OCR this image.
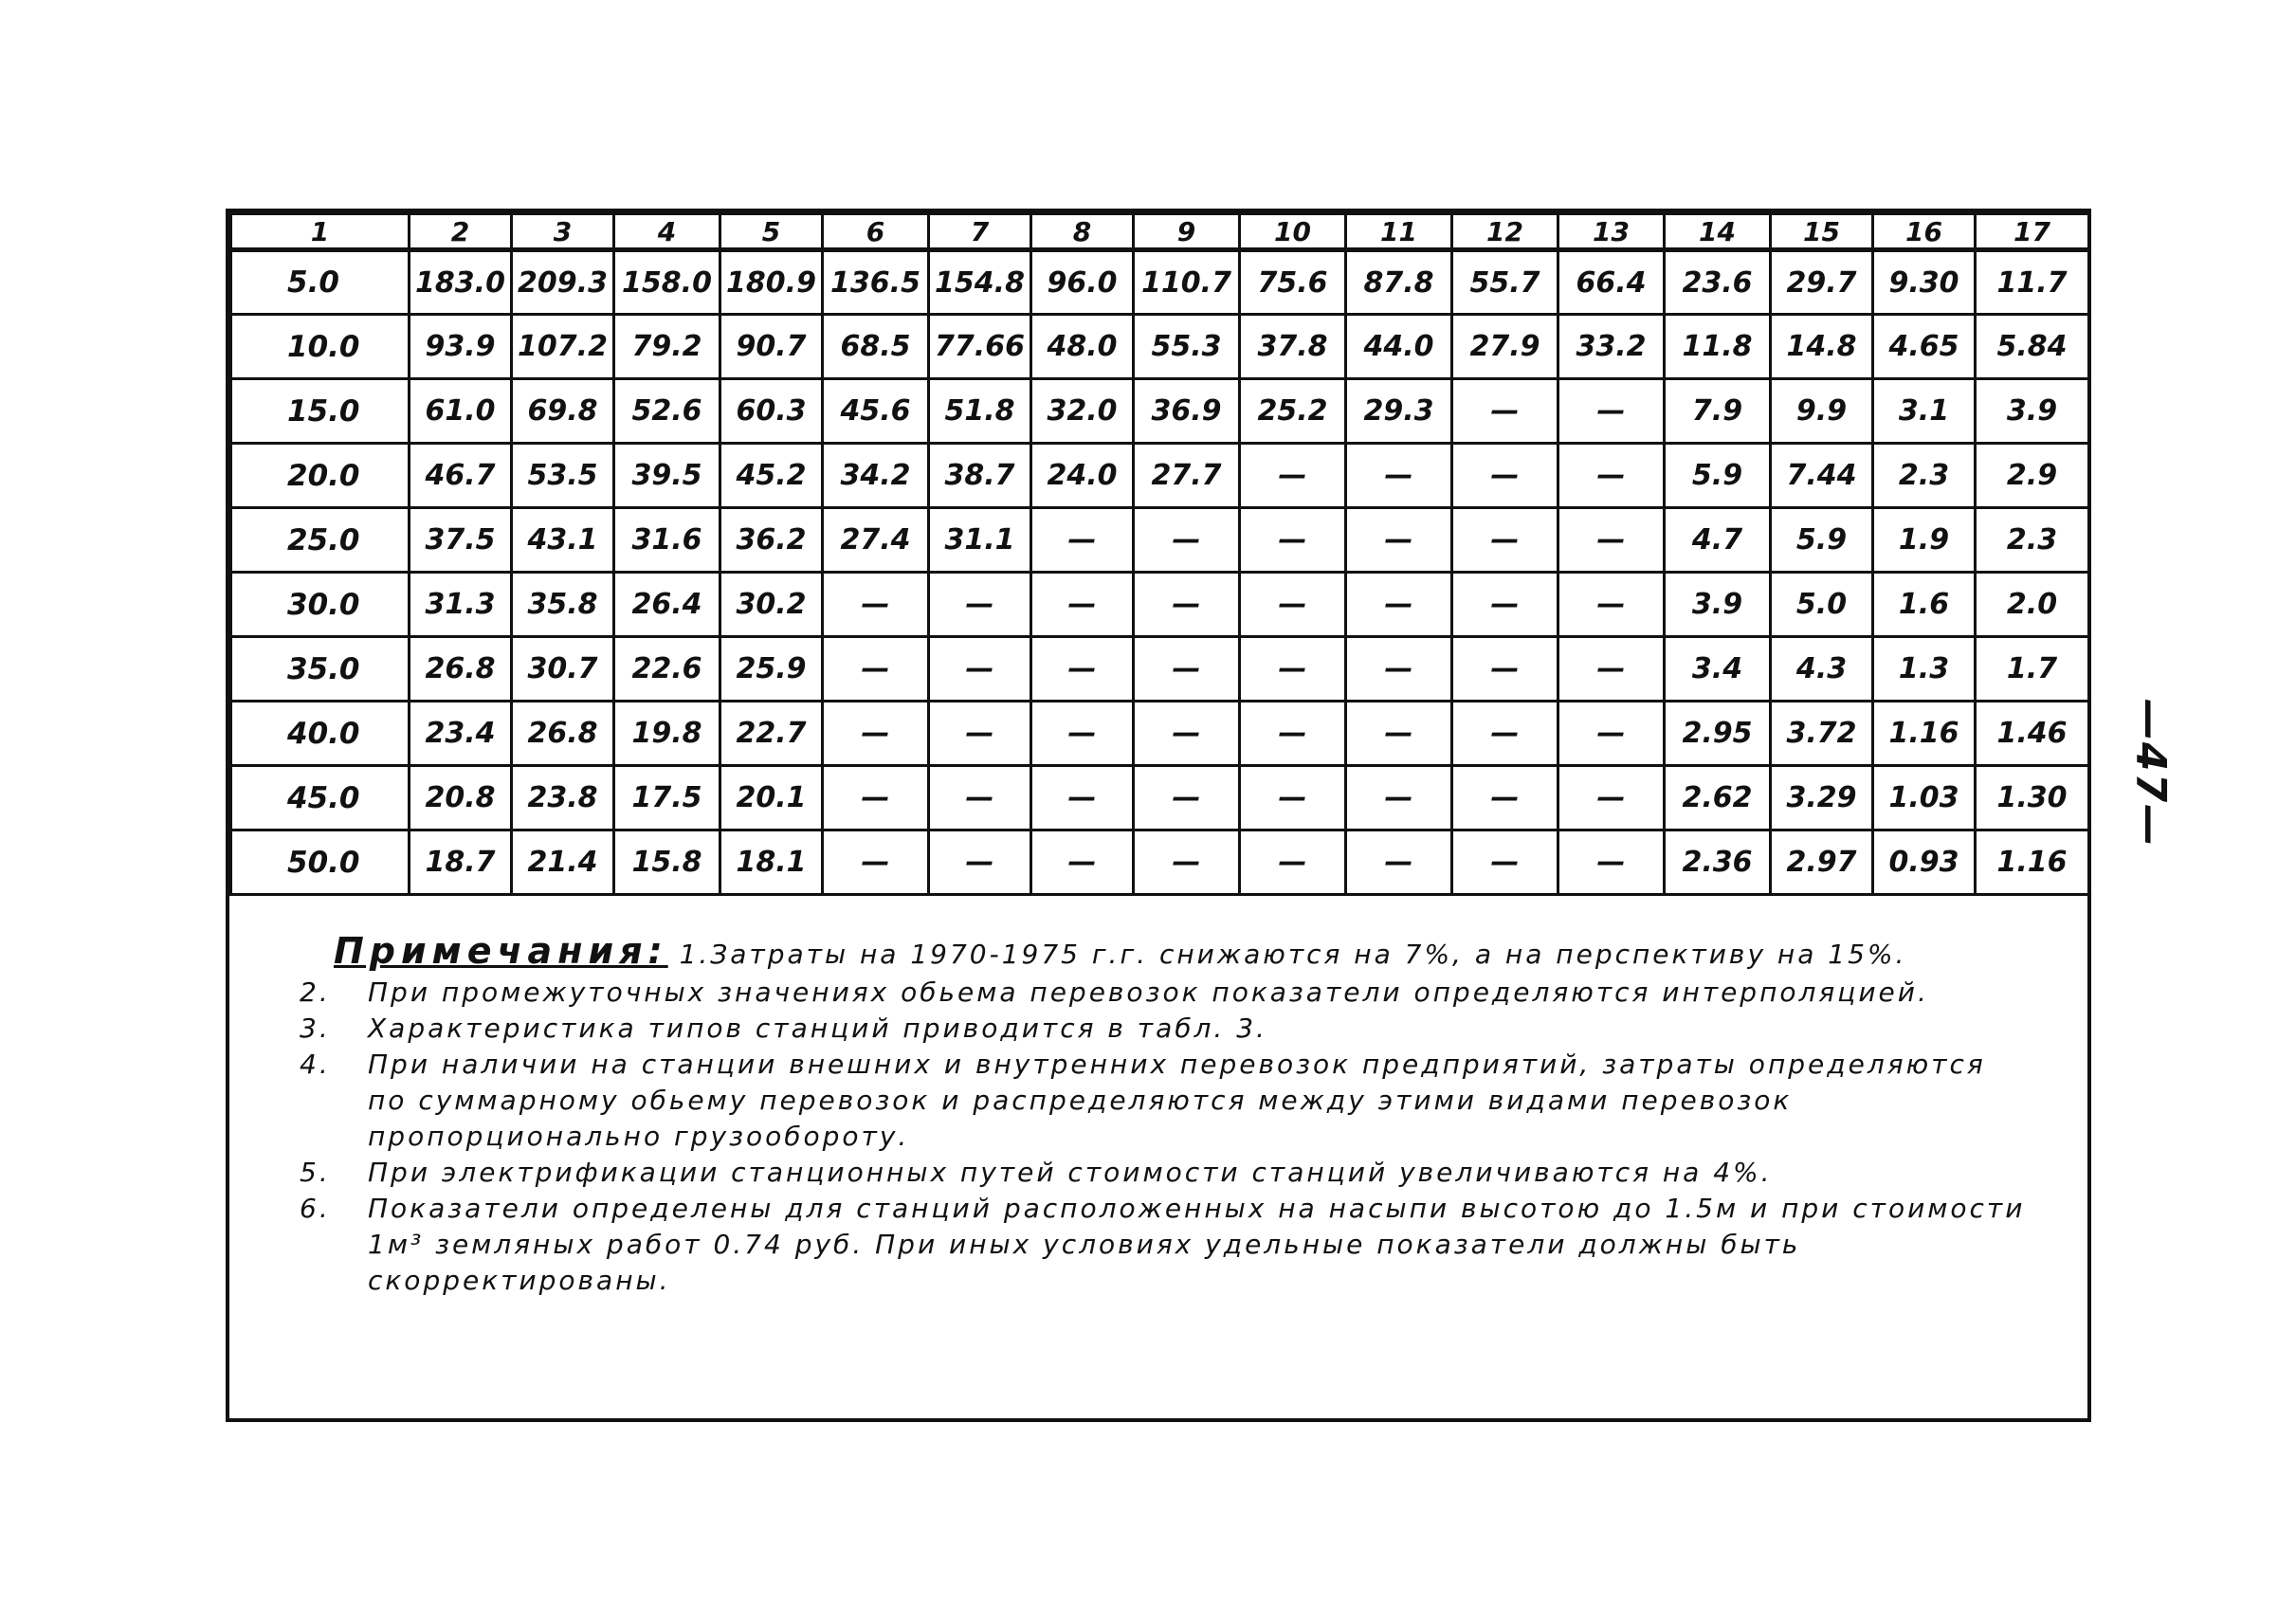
1	2	3	4	5	6	7	8	9	10	11	12	13	14	15	16	17
5.0	183.0	209.3	158.0	180.9	136.5	154.8	96.0	110.7	75.6	87.8	55.7	66.4	23.6	29.7	9.30	11.7
10.0	93.9	107.2	79.2	90.7	68.5	77.66	48.0	55.3	37.8	44.0	27.9	33.2	11.8	14.8	4.65	5.84
15.0	61.0	69.8	52.6	60.3	45.6	51.8	32.0	36.9	25.2	29.3	—	—	7.9	9.9	3.1	3.9
20.0	46.7	53.5	39.5	45.2	34.2	38.7	24.0	27.7	—	—	—	—	5.9	7.44	2.3	2.9
25.0	37.5	43.1	31.6	36.2	27.4	31.1	—	—	—	—	—	—	4.7	5.9	1.9	2.3
30.0	31.3	35.8	26.4	30.2	—	—	—	—	—	—	—	—	3.9	5.0	1.6	2.0
35.0	26.8	30.7	22.6	25.9	—	—	—	—	—	—	—	—	3.4	4.3	1.3	1.7
40.0	23.4	26.8	19.8	22.7	—	—	—	—	—	—	—	—	2.95	3.72	1.16	1.46
45.0	20.8	23.8	17.5	20.1	—	—	—	—	—	—	—	—	2.62	3.29	1.03	1.30
50.0	18.7	21.4	15.8	18.1	—	—	—	—	—	—	—	—	2.36	2.97	0.93	1.16
Примечания: 1.Затраты на 1970-1975 г.г. снижаются на 7%, а на перспективу на 15%.
2.	При промежуточных значениях обьема перевозок показатели определяются интерполяцией.
3.	Характеристика типов станций приводится в табл. 3.
4.	При наличии на станции внешних и внутренних перевозок предприятий, затраты определяются по суммарному обьему перевозок и распределяются между этими видами перевозок пропорционально грузообороту.
5.	При электрификации станционных путей стоимости станций увеличиваются на 4%.
6.	Показатели определены для станций расположенных на насыпи высотою до 1.5м и при стоимости 1м³ земляных работ 0.74 руб. При иных условиях удельные показатели должны быть скорректированы.
—47—
